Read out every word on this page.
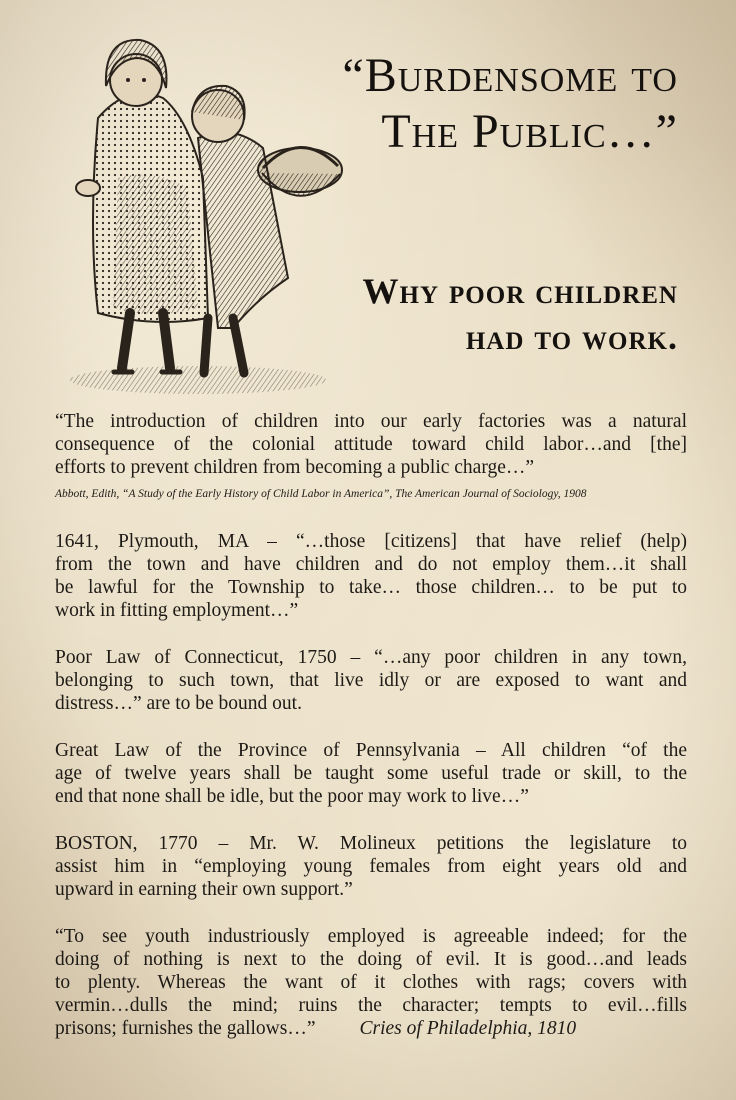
“Burdensome to
The Public…”
Why poor children
had to work.

“The introduction of children into our early factories was a natural
consequence of the colonial attitude toward child labor…and [the]
efforts to prevent children from becoming a public charge…”
Abbott, Edith, “A Study of the Early History of Child Labor in America”, The American Journal of Sociology, 1908

1641, Plymouth, MA – “…those [citizens] that have relief (help)
from the town and have children and do not employ them…it shall
be lawful for the Township to take… those children… to be put to
work in fitting employment…”

Poor Law of Connecticut, 1750 – “…any poor children in any town,
belonging to such town, that live idly or are exposed to want and
distress…” are to be bound out.

Great Law of the Province of Pennsylvania – All children “of the
age of twelve years shall be taught some useful trade or skill, to the
end that none shall be idle, but the poor may work to live…”

BOSTON, 1770 – Mr. W. Molineux petitions the legislature to
assist him in “employing young females from eight years old and
upward in earning their own support.”

“To see youth industriously employed is agreeable indeed; for the
doing of nothing is next to the doing of evil. It is good…and leads
to plenty. Whereas the want of it clothes with rags; covers with
vermin…dulls the mind; ruins the character; tempts to evil…fills
prisons; furnishes the gallows…” Cries of Philadelphia, 1810
